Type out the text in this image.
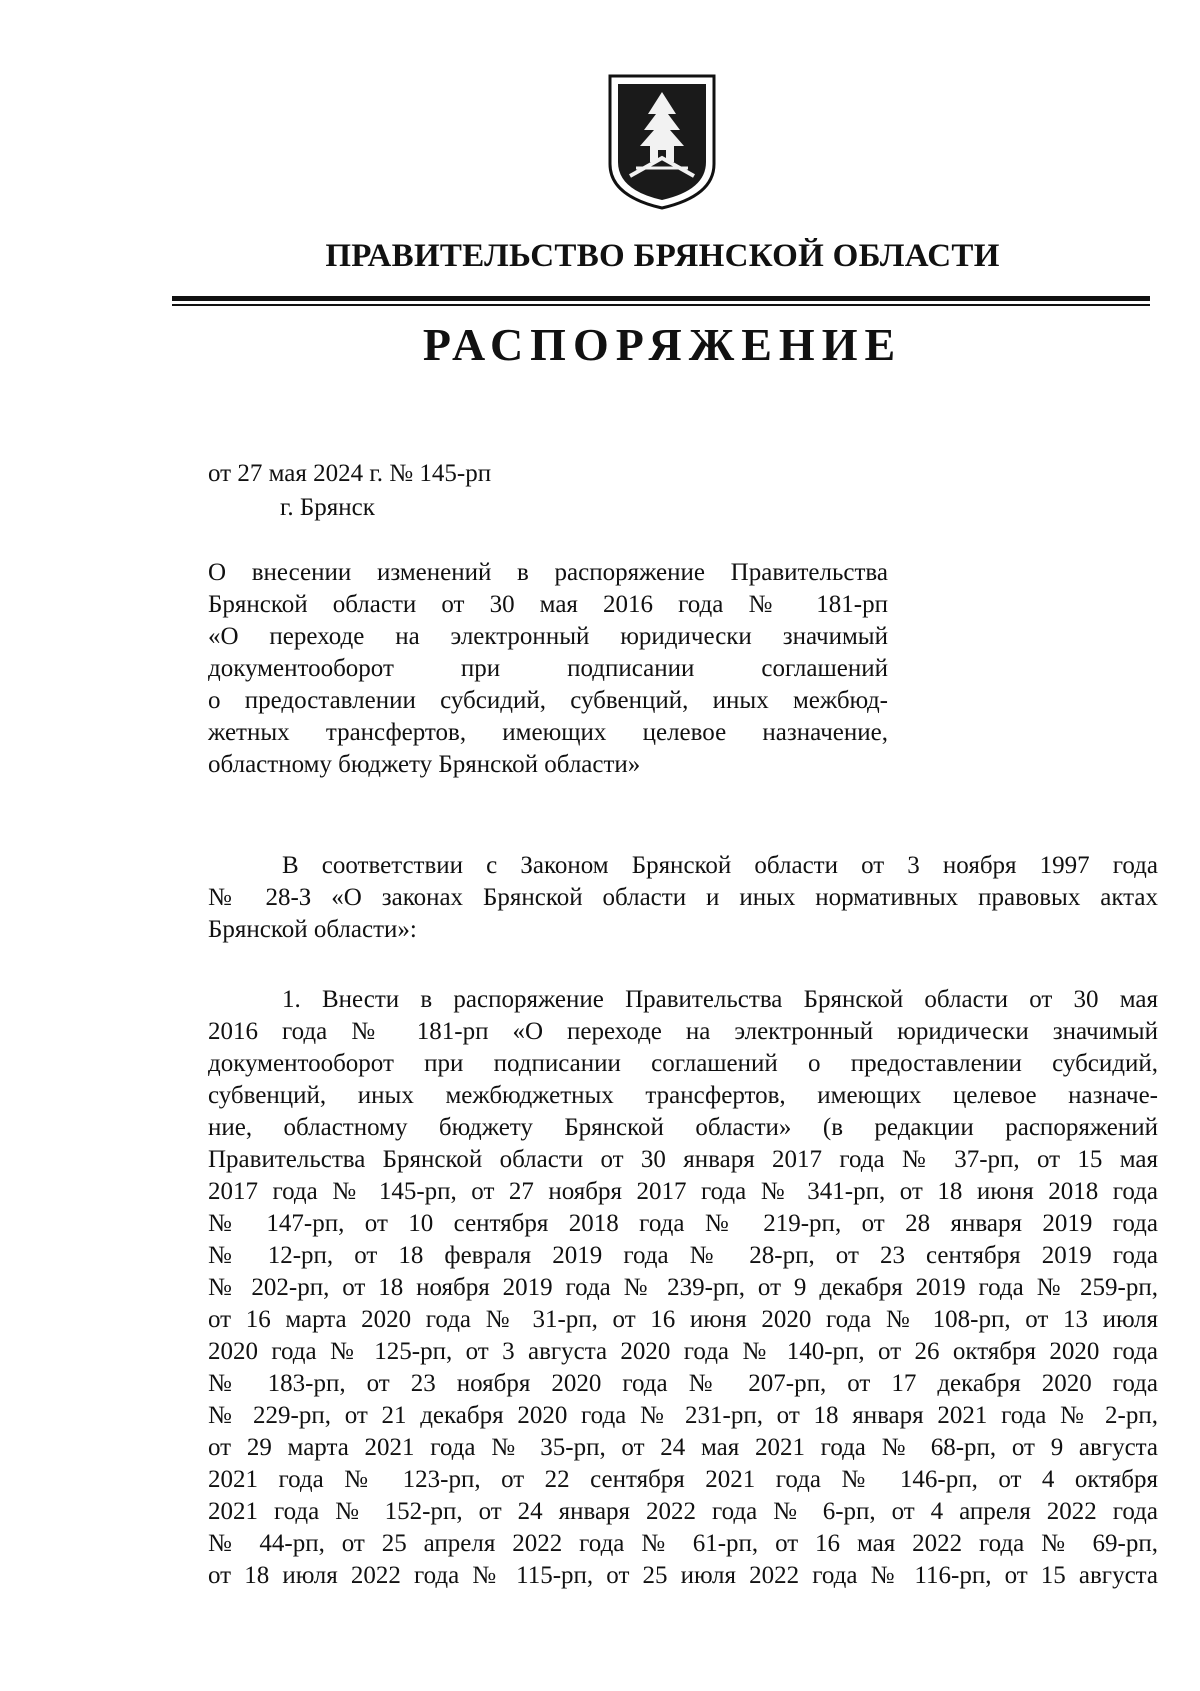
ПРАВИТЕЛЬСТВО БРЯНСКОЙ ОБЛАСТИ
РАСПОРЯЖЕНИЕ
от 27 мая 2024 г. № 145-рп
г. Брянск
О внесении изменений в распоряжение Правительства
Брянской области от 30 мая 2016 года № 181-рп
«О переходе на электронный юридически значимый
документооборот при подписании соглашений
о предоставлении субсидий, субвенций, иных межбюд-
жетных трансфертов, имеющих целевое назначение,
областному бюджету Брянской области»
В соответствии с Законом Брянской области от 3 ноября 1997 года
№ 28-З «О законах Брянской области и иных нормативных правовых актах
Брянской области»:
1. Внести в распоряжение Правительства Брянской области от 30 мая
2016 года № 181-рп «О переходе на электронный юридически значимый
документооборот при подписании соглашений о предоставлении субсидий,
субвенций, иных межбюджетных трансфертов, имеющих целевое назначе-
ние, областному бюджету Брянской области» (в редакции распоряжений
Правительства Брянской области от 30 января 2017 года № 37-рп, от 15 мая
2017 года № 145-рп, от 27 ноября 2017 года № 341-рп, от 18 июня 2018 года
№ 147-рп, от 10 сентября 2018 года № 219-рп, от 28 января 2019 года
№ 12-рп, от 18 февраля 2019 года № 28-рп, от 23 сентября 2019 года
№ 202-рп, от 18 ноября 2019 года № 239-рп, от 9 декабря 2019 года № 259-рп,
от 16 марта 2020 года № 31-рп, от 16 июня 2020 года № 108-рп, от 13 июля
2020 года № 125-рп, от 3 августа 2020 года № 140-рп, от 26 октября 2020 года
№ 183-рп, от 23 ноября 2020 года № 207-рп, от 17 декабря 2020 года
№ 229-рп, от 21 декабря 2020 года № 231-рп, от 18 января 2021 года № 2-рп,
от 29 марта 2021 года № 35-рп, от 24 мая 2021 года № 68-рп, от 9 августа
2021 года № 123-рп, от 22 сентября 2021 года № 146-рп, от 4 октября
2021 года № 152-рп, от 24 января 2022 года № 6-рп, от 4 апреля 2022 года
№ 44-рп, от 25 апреля 2022 года № 61-рп, от 16 мая 2022 года № 69-рп,
от 18 июля 2022 года № 115-рп, от 25 июля 2022 года № 116-рп, от 15 августа
